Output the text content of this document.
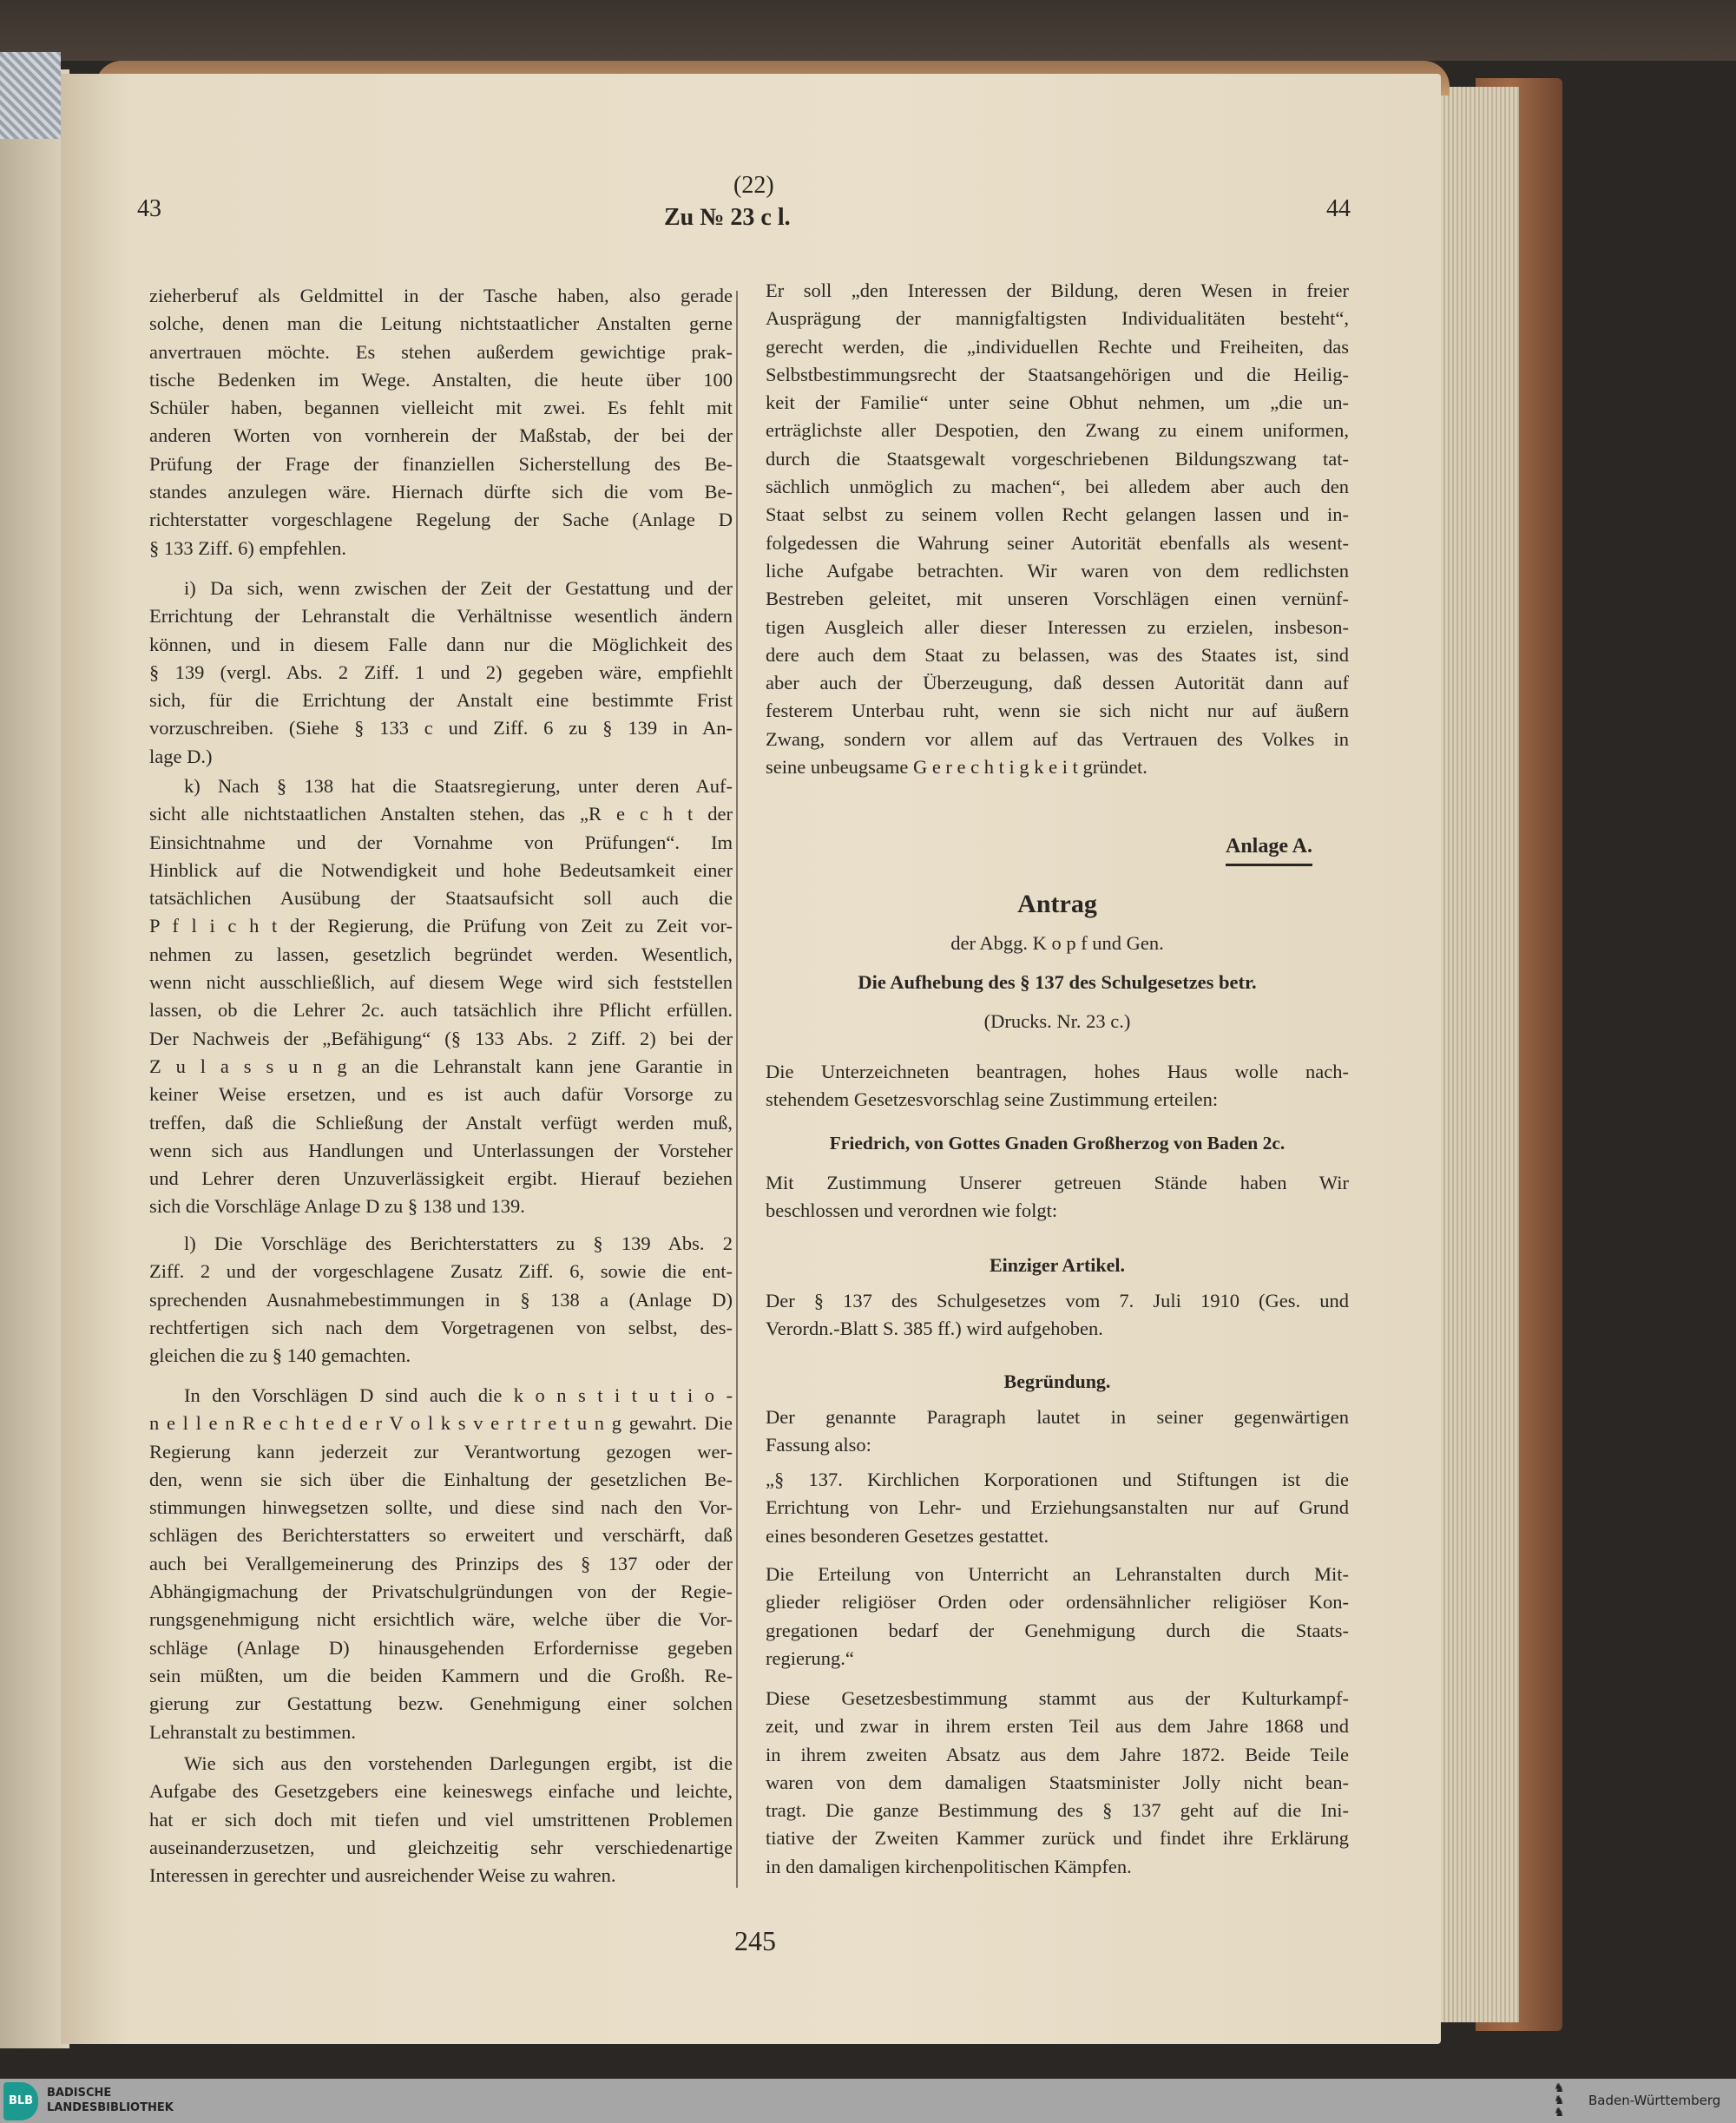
43
(22)
Zu № 23 c l.	44
zieherberuf als Geldmittel in der Tasche haben, also gerade
solche, denen man die Leitung nichtstaatlicher Anstalten gerne
anvertrauen möchte. Es stehen außerdem gewichtige prak-
tische Bedenken im Wege. Anstalten, die heute über 100
Schüler haben, begannen vielleicht mit zwei. Es fehlt mit
anderen Worten von vornherein der Maßstab, der bei der
Prüfung der Frage der finanziellen Sicherstellung des Be-
standes anzulegen wäre. Hiernach dürfte sich die vom Be-
richterstatter vorgeschlagene Regelung der Sache (Anlage D
§ 133 Ziff. 6) empfehlen.
i) Da sich, wenn zwischen der Zeit der Gestattung und der
Errichtung der Lehranstalt die Verhältnisse wesentlich ändern
können, und in diesem Falle dann nur die Möglichkeit des
§ 139 (vergl. Abs. 2 Ziff. 1 und 2) gegeben wäre, empfiehlt
sich, für die Errichtung der Anstalt eine bestimmte Frist
vorzuschreiben. (Siehe § 133 c und Ziff. 6 zu § 139 in An-
lage D.)
k) Nach § 138 hat die Staatsregierung, unter deren Auf-
sicht alle nichtstaatlichen Anstalten stehen, das „R e c h t der
Einsichtnahme und der Vornahme von Prüfungen“. Im
Hinblick auf die Notwendigkeit und hohe Bedeutsamkeit einer
tatsächlichen Ausübung der Staatsaufsicht soll auch die
P f l i c h t der Regierung, die Prüfung von Zeit zu Zeit vor-
nehmen zu lassen, gesetzlich begründet werden. Wesentlich,
wenn nicht ausschließlich, auf diesem Wege wird sich feststellen
lassen, ob die Lehrer 2c. auch tatsächlich ihre Pflicht erfüllen.
Der Nachweis der „Befähigung“ (§ 133 Abs. 2 Ziff. 2) bei der
Z u l a s s u n g an die Lehranstalt kann jene Garantie in
keiner Weise ersetzen, und es ist auch dafür Vorsorge zu
treffen, daß die Schließung der Anstalt verfügt werden muß,
wenn sich aus Handlungen und Unterlassungen der Vorsteher
und Lehrer deren Unzuverlässigkeit ergibt. Hierauf beziehen
sich die Vorschläge Anlage D zu § 138 und 139.
l) Die Vorschläge des Berichterstatters zu § 139 Abs. 2
Ziff. 2 und der vorgeschlagene Zusatz Ziff. 6, sowie die ent-
sprechenden Ausnahmebestimmungen in § 138 a (Anlage D)
rechtfertigen sich nach dem Vorgetragenen von selbst, des-
gleichen die zu § 140 gemachten.
In den Vorschlägen D sind auch die k o n s t i t u t i o -
n e l l e n R e c h t e d e r V o l k s v e r t r e t u n g gewahrt. Die
Regierung kann jederzeit zur Verantwortung gezogen wer-
den, wenn sie sich über die Einhaltung der gesetzlichen Be-
stimmungen hinwegsetzen sollte, und diese sind nach den Vor-
schlägen des Berichterstatters so erweitert und verschärft, daß
auch bei Verallgemeinerung des Prinzips des § 137 oder der
Abhängigmachung der Privatschulgründungen von der Regie-
rungsgenehmigung nicht ersichtlich wäre, welche über die Vor-
schläge (Anlage D) hinausgehenden Erfordernisse gegeben
sein müßten, um die beiden Kammern und die Großh. Re-
gierung zur Gestattung bezw. Genehmigung einer solchen
Lehranstalt zu bestimmen.
Wie sich aus den vorstehenden Darlegungen ergibt, ist die
Aufgabe des Gesetzgebers eine keineswegs einfache und leichte,
hat er sich doch mit tiefen und viel umstrittenen Problemen
auseinanderzusetzen, und gleichzeitig sehr verschiedenartige
Interessen in gerechter und ausreichender Weise zu wahren.
Er soll „den Interessen der Bildung, deren Wesen in freier
Ausprägung der mannigfaltigsten Individualitäten besteht“,
gerecht werden, die „individuellen Rechte und Freiheiten, das
Selbstbestimmungsrecht der Staatsangehörigen und die Heilig-
keit der Familie“ unter seine Obhut nehmen, um „die un-
erträglichste aller Despotien, den Zwang zu einem uniformen,
durch die Staatsgewalt vorgeschriebenen Bildungszwang tat-
sächlich unmöglich zu machen“, bei alledem aber auch den
Staat selbst zu seinem vollen Recht gelangen lassen und in-
folgedessen die Wahrung seiner Autorität ebenfalls als wesent-
liche Aufgabe betrachten. Wir waren von dem redlichsten
Bestreben geleitet, mit unseren Vorschlägen einen vernünf-
tigen Ausgleich aller dieser Interessen zu erzielen, insbeson-
dere auch dem Staat zu belassen, was des Staates ist, sind
aber auch der Überzeugung, daß dessen Autorität dann auf
festerem Unterbau ruht, wenn sie sich nicht nur auf äußern
Zwang, sondern vor allem auf das Vertrauen des Volkes in
seine unbeugsame G e r e c h t i g k e i t gründet.
Anlage A.
Antrag
der Abgg. K o p f und Gen.
Die Aufhebung des § 137 des Schulgesetzes betr.
(Drucks. Nr. 23 c.)
Die Unterzeichneten beantragen, hohes Haus wolle nach-
stehendem Gesetzesvorschlag seine Zustimmung erteilen:
Friedrich, von Gottes Gnaden Großherzog von Baden 2c.
Mit Zustimmung Unserer getreuen Stände haben Wir
beschlossen und verordnen wie folgt:
Einziger Artikel.
Der § 137 des Schulgesetzes vom 7. Juli 1910 (Ges. und
Verordn.-Blatt S. 385 ff.) wird aufgehoben.
Begründung.
Der genannte Paragraph lautet in seiner gegenwärtigen
Fassung also:
„§ 137. Kirchlichen Korporationen und Stiftungen ist die
Errichtung von Lehr- und Erziehungsanstalten nur auf Grund
eines besonderen Gesetzes gestattet.
Die Erteilung von Unterricht an Lehranstalten durch Mit-
glieder religiöser Orden oder ordensähnlicher religiöser Kon-
gregationen bedarf der Genehmigung durch die Staats-
regierung.“
Diese Gesetzesbestimmung stammt aus der Kulturkampf-
zeit, und zwar in ihrem ersten Teil aus dem Jahre 1868 und
in ihrem zweiten Absatz aus dem Jahre 1872. Beide Teile
waren von dem damaligen Staatsminister Jolly nicht bean-
tragt. Die ganze Bestimmung des § 137 geht auf die Ini-
tiative der Zweiten Kammer zurück und findet ihre Erklärung
in den damaligen kirchenpolitischen Kämpfen.
245
BLB
BADISCHE
LANDESBIBLIOTHEK
♞
♞
♞
Baden-Württemberg
